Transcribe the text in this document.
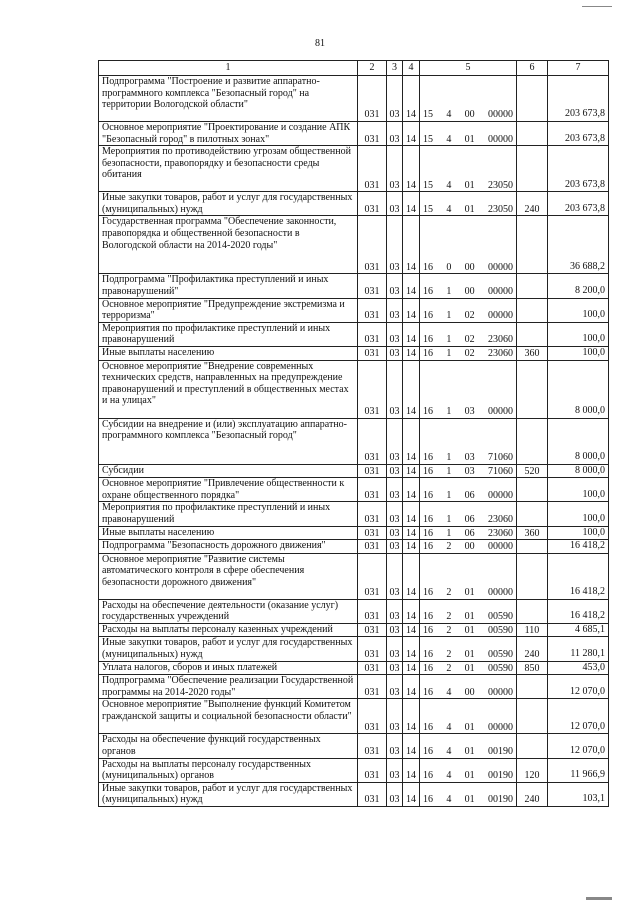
81
1	2	3	4	5	6	7
Подпрограмма "Построение и развитие аппаратно-программного комплекса "Безопасный город" на территории Вологодской области"	031	03	14	15 4 00 00000		203 673,8
Основное мероприятие "Проектирование и создание АПК "Безопасный город" в пилотных зонах"	031	03	14	15 4 01 00000		203 673,8
Мероприятия по противодействию угрозам общественной безопасности, правопорядку и безопасности среды обитания	031	03	14	15 4 01 23050		203 673,8
Иные закупки товаров, работ и услуг для государственных (муниципальных) нужд	031	03	14	15 4 01 23050	240	203 673,8
Государственная программа "Обеспечение законности, правопорядка и общественной безопасности в Вологодской области на 2014-2020 годы"	031	03	14	16 0 00 00000		36 688,2
Подпрограмма "Профилактика преступлений и иных правонарушений"	031	03	14	16 1 00 00000		8 200,0
Основное мероприятие "Предупреждение экстремизма и терроризма"	031	03	14	16 1 02 00000		100,0
Мероприятия по профилактике преступлений и иных правонарушений	031	03	14	16 1 02 23060		100,0
Иные выплаты населению	031	03	14	16 1 02 23060	360	100,0
Основное мероприятие "Внедрение современных технических средств, направленных на предупреждение правонарушений и преступлений в общественных местах и на улицах"	031	03	14	16 1 03 00000		8 000,0
Субсидии на внедрение и (или) эксплуатацию аппаратно-программного комплекса "Безопасный город"	031	03	14	16 1 03 71060		8 000,0
Субсидии	031	03	14	16 1 03 71060	520	8 000,0
Основное мероприятие "Привлечение общественности к охране общественного порядка"	031	03	14	16 1 06 00000		100,0
Мероприятия по профилактике преступлений и иных правонарушений	031	03	14	16 1 06 23060		100,0
Иные выплаты населению	031	03	14	16 1 06 23060	360	100,0
Подпрограмма "Безопасность дорожного движения"	031	03	14	16 2 00 00000		16 418,2
Основное мероприятие "Развитие системы автоматического контроля в сфере обеспечения безопасности дорожного движения"	031	03	14	16 2 01 00000		16 418,2
Расходы на обеспечение деятельности (оказание услуг) государственных учреждений	031	03	14	16 2 01 00590		16 418,2
Расходы на выплаты персоналу казенных учреждений	031	03	14	16 2 01 00590	110	4 685,1
Иные закупки товаров, работ и услуг для государственных (муниципальных) нужд	031	03	14	16 2 01 00590	240	11 280,1
Уплата налогов, сборов и иных платежей	031	03	14	16 2 01 00590	850	453,0
Подпрограмма "Обеспечение реализации Государственной программы на 2014-2020 годы"	031	03	14	16 4 00 00000		12 070,0
Основное мероприятие "Выполнение функций Комитетом гражданской защиты и социальной безопасности области"	031	03	14	16 4 01 00000		12 070,0
Расходы на обеспечение функций государственных органов	031	03	14	16 4 01 00190		12 070,0
Расходы на выплаты персоналу государственных (муниципальных) органов	031	03	14	16 4 01 00190	120	11 966,9
Иные закупки товаров, работ и услуг для государственных (муниципальных) нужд	031	03	14	16 4 01 00190	240	103,1
